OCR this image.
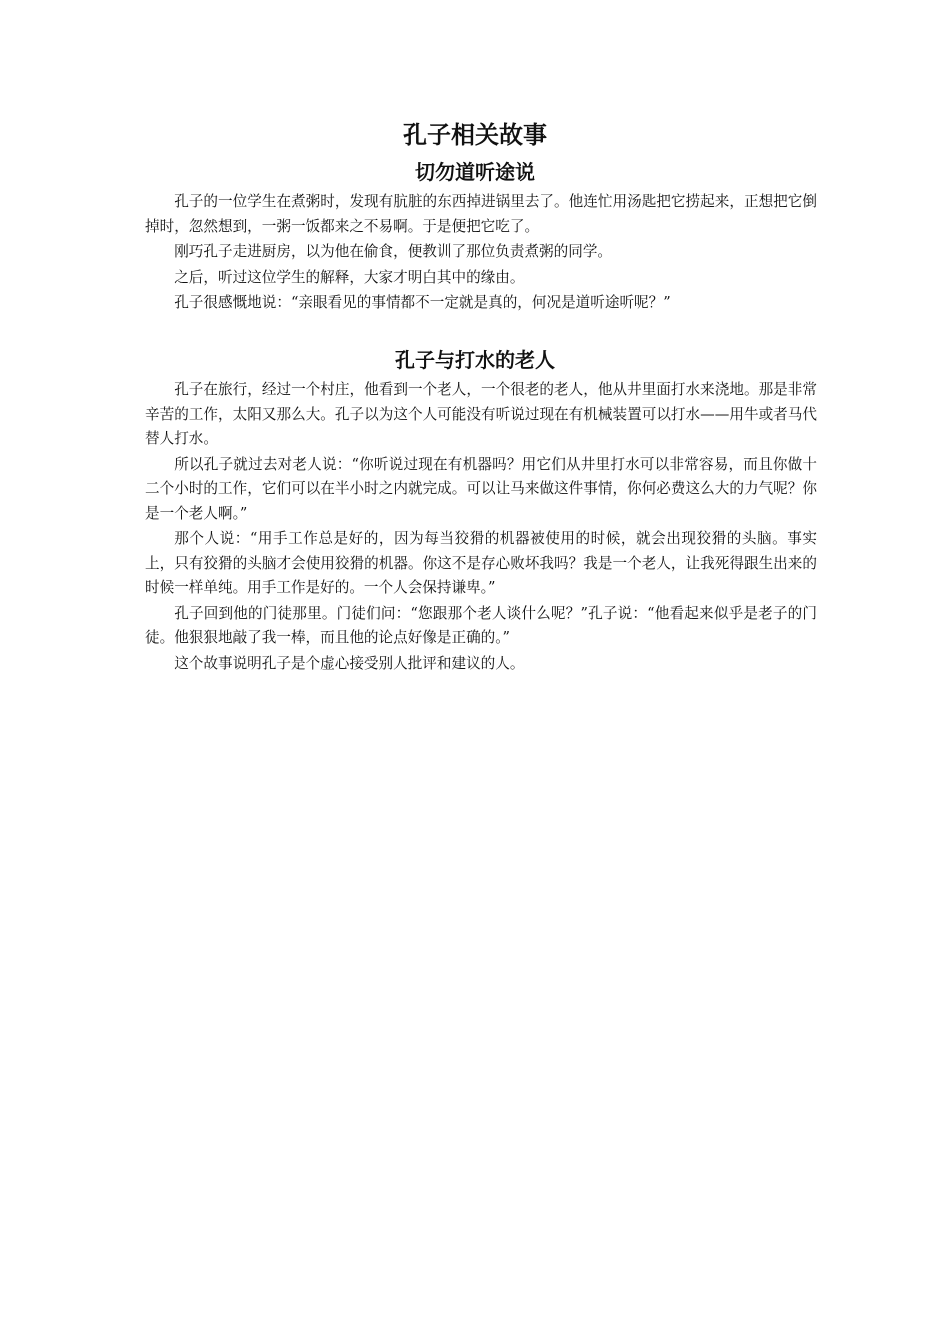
孔子相关故事
切勿道听途说

孔子的一位学生在煮粥时，发现有肮脏的东西掉进锅里去了。他连忙用汤匙把它捞起来，正想把它倒掉时，忽然想到，一粥一饭都来之不易啊。于是便把它吃了。

刚巧孔子走进厨房，以为他在偷食，便教训了那位负责煮粥的同学。

之后，听过这位学生的解释，大家才明白其中的缘由。

孔子很感慨地说：“亲眼看见的事情都不一定就是真的，何况是道听途听呢？”

孔子与打水的老人

孔子在旅行，经过一个村庄，他看到一个老人，一个很老的老人，他从井里面打水来浇地。那是非常辛苦的工作，太阳又那么大。孔子以为这个人可能没有听说过现在有机械装置可以打水——用牛或者马代替人打水。

所以孔子就过去对老人说：“你听说过现在有机器吗？用它们从井里打水可以非常容易，而且你做十二个小时的工作，它们可以在半小时之内就完成。可以让马来做这件事情，你何必费这么大的力气呢？你是一个老人啊。”

那个人说：“用手工作总是好的，因为每当狡猾的机器被使用的时候，就会出现狡猾的头脑。事实上，只有狡猾的头脑才会使用狡猾的机器。你这不是存心败坏我吗？我是一个老人，让我死得跟生出来的时候一样单纯。用手工作是好的。一个人会保持谦卑。”

孔子回到他的门徒那里。门徒们问：“您跟那个老人谈什么呢？”孔子说：“他看起来似乎是老子的门徒。他狠狠地敲了我一棒，而且他的论点好像是正确的。”

这个故事说明孔子是个虚心接受别人批评和建议的人。
